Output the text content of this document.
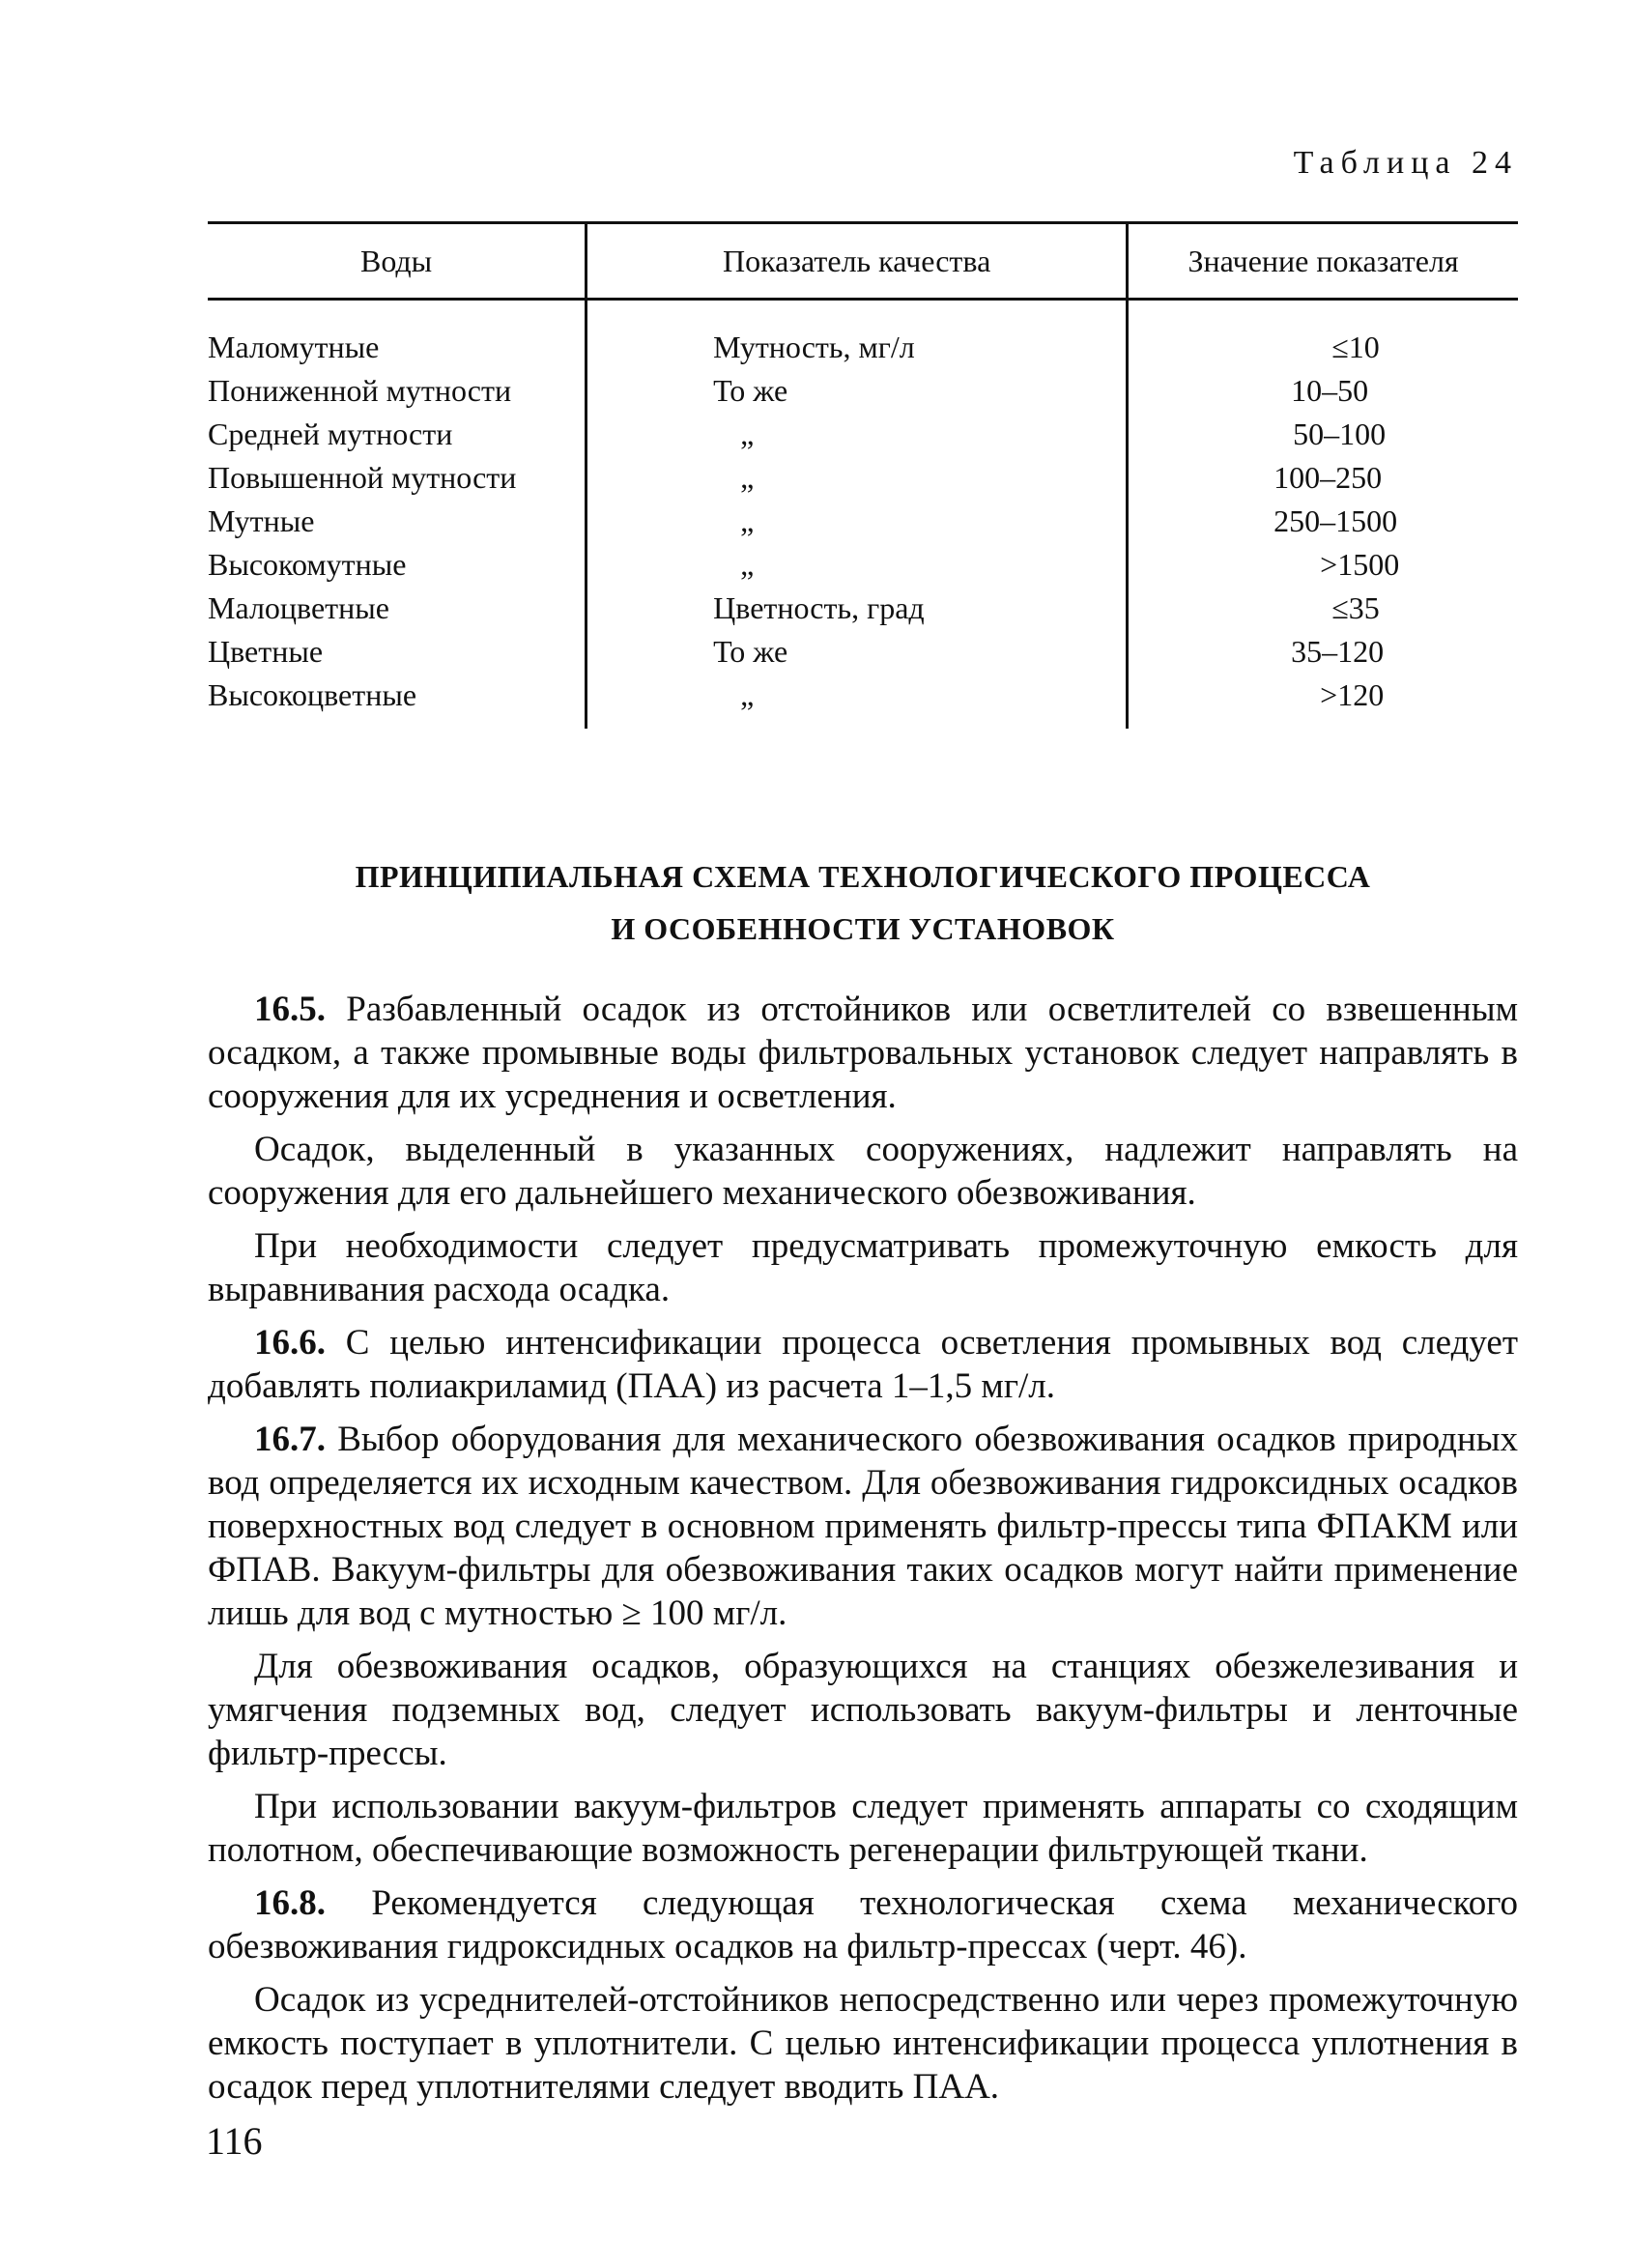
Таблица 24
Воды	Показатель качества	Значение показателя
Маломутные	Мутность, мг/л	≤10
Пониженной мутности	То же	10–50
Средней мутности	„	50–100
Повышенной мутности	„	100–250
Мутные	„	250–1500
Высокомутные	„	>1500
Малоцветные	Цветность, град	≤35
Цветные	То же	35–120
Высокоцветные	„	>120
ПРИНЦИПИАЛЬНАЯ СХЕМА ТЕХНОЛОГИЧЕСКОГО ПРОЦЕССА
И ОСОБЕННОСТИ УСТАНОВОК

16.5. Разбавленный осадок из отстойников или осветлителей со взвешенным осадком, а также промывные воды фильтровальных установок следует направлять в сооружения для их усреднения и осветления.

Осадок, выделенный в указанных сооружениях, надлежит направлять на сооружения для его дальнейшего механического обезвоживания.

При необходимости следует предусматривать промежуточную емкость для выравнивания расхода осадка.

16.6. С целью интенсификации процесса осветления промывных вод следует добавлять полиакриламид (ПАА) из расчета 1–1,5 мг/л.

16.7. Выбор оборудования для механического обезвоживания осадков природных вод определяется их исходным качеством. Для обезвоживания гидроксидных осадков поверхностных вод следует в основном применять фильтр-прессы типа ФПАКМ или ФПАВ. Вакуум-фильтры для обезвоживания таких осадков могут найти применение лишь для вод с мутностью ≥ 100 мг/л.

Для обезвоживания осадков, образующихся на станциях обезжелезивания и умягчения подземных вод, следует использовать вакуум-фильтры и ленточные фильтр-прессы.

При использовании вакуум-фильтров следует применять аппараты со сходящим полотном, обеспечивающие возможность регенерации фильтрующей ткани.

16.8. Рекомендуется следующая технологическая схема механического обезвоживания гидроксидных осадков на фильтр-прессах (черт. 46).

Осадок из усреднителей-отстойников непосредственно или через промежуточную емкость поступает в уплотнители. С целью интенсификации процесса уплотнения в осадок перед уплотнителями следует вводить ПАА.

116
